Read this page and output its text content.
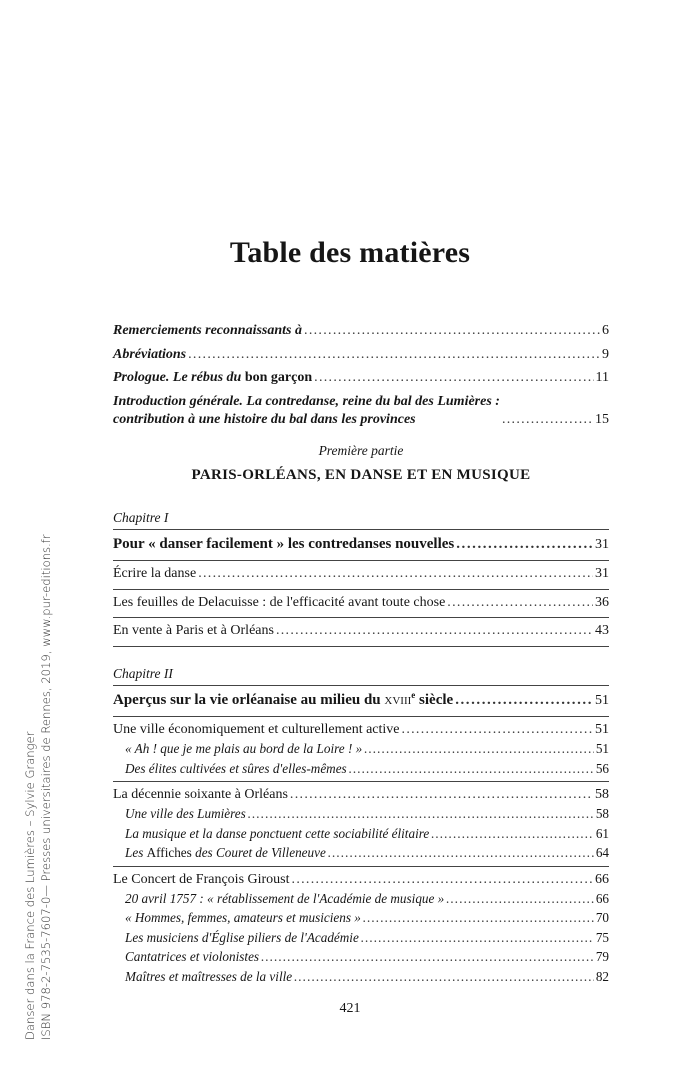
Table des matières
Remerciements reconnaissants à . . .	6
Abréviations . . .	9
Prologue. Le rébus du bon garçon . . .	11
Introduction générale. La contredanse, reine du bal des Lumières :
contribution à une histoire du bal dans les provinces . . .	15
Première partie
PARIS-ORLÉANS, EN DANSE ET EN MUSIQUE
Chapitre I
Pour « danser facilement » les contredanses nouvelles . . .	31
Écrire la danse . . .	31
Les feuilles de Delacuisse : de l'efficacité avant toute chose . . .	36
En vente à Paris et à Orléans . . .	43
Chapitre II
Aperçus sur la vie orléanaise au milieu du xviii$^e$ siècle . . .	51
Une ville économiquement et culturellement active . . .	51
« Ah ! que je me plais au bord de la Loire ! » . . .	51
Des élites cultivées et sûres d'elles-mêmes . . .	56
La décennie soixante à Orléans . . .	58
Une ville des Lumières . . .	58
La musique et la danse ponctuent cette sociabilité élitaire . . .	61
Les Affiches des Couret de Villeneuve . . .	64
Le Concert de François Giroust . . .	66
20 avril 1757 : « rétablissement de l'Académie de musique » . . .	66
« Hommes, femmes, amateurs et musiciens » . . .	70
Les musiciens d'Église piliers de l'Académie . . .	75
Cantatrices et violonistes . . .	79
Maîtres et maîtresses de la ville . . .	82
421
Danser dans la France des Lumières – Sylvie Granger ISBN 978-2-7535-7607-0— Presses universitaires de Rennes, 2019, www.pur-editions.fr
